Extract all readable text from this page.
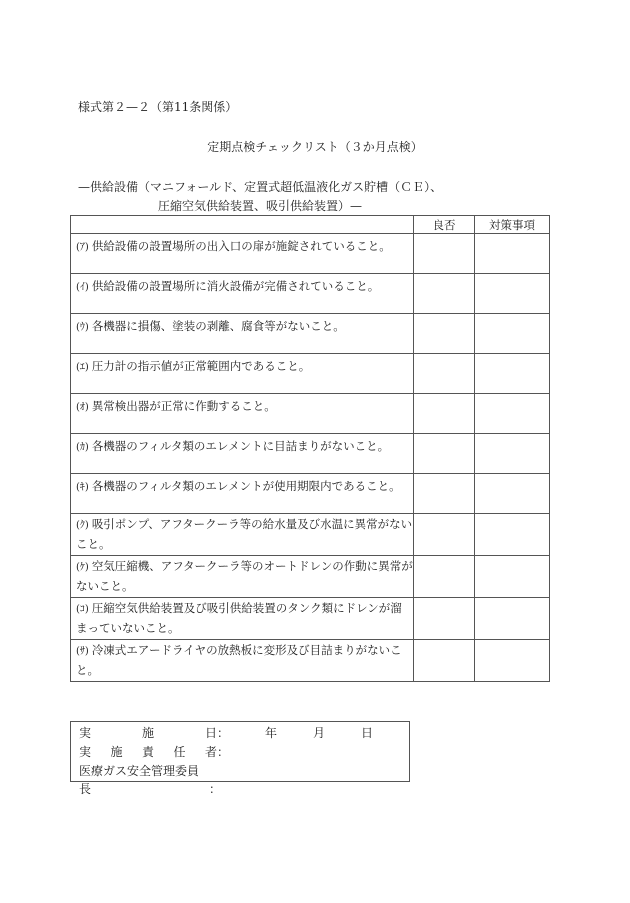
様式第２—２（第11条関係）
定期点検チェックリスト（３か月点検）
—供給設備（マニフォールド、定置式超低温液化ガス貯槽（ＣＥ）、
圧縮空気供給装置、吸引供給装置）—
	良否	対策事項
(ｱ) 供給設備の設置場所の出入口の扉が施錠されていること。		
(ｲ) 供給設備の設置場所に消火設備が完備されていること。		
(ｳ) 各機器に損傷、塗装の剥離、腐食等がないこと。		
(ｴ) 圧力計の指示値が正常範囲内であること。		
(ｵ) 異常検出器が正常に作動すること。		
(ｶ) 各機器のフィルタ類のエレメントに目詰まりがないこと。		
(ｷ) 各機器のフィルタ類のエレメントが使用期限内であること。		
(ｸ) 吸引ポンプ、アフタークーラ等の給水量及び水温に異常がないこと。		
(ｹ) 空気圧縮機、アフタークーラ等のオートドレンの作動に異常がないこと。		
(ｺ) 圧縮空気供給装置及び吸引供給装置のタンク類にドレンが溜まっていないこと。		
(ｻ) 冷凍式エアードライヤの放熱板に変形及び目詰まりがないこと。		
実施日：	年	月	日
実施責任者：
医療ガス安全管理委員長	：
